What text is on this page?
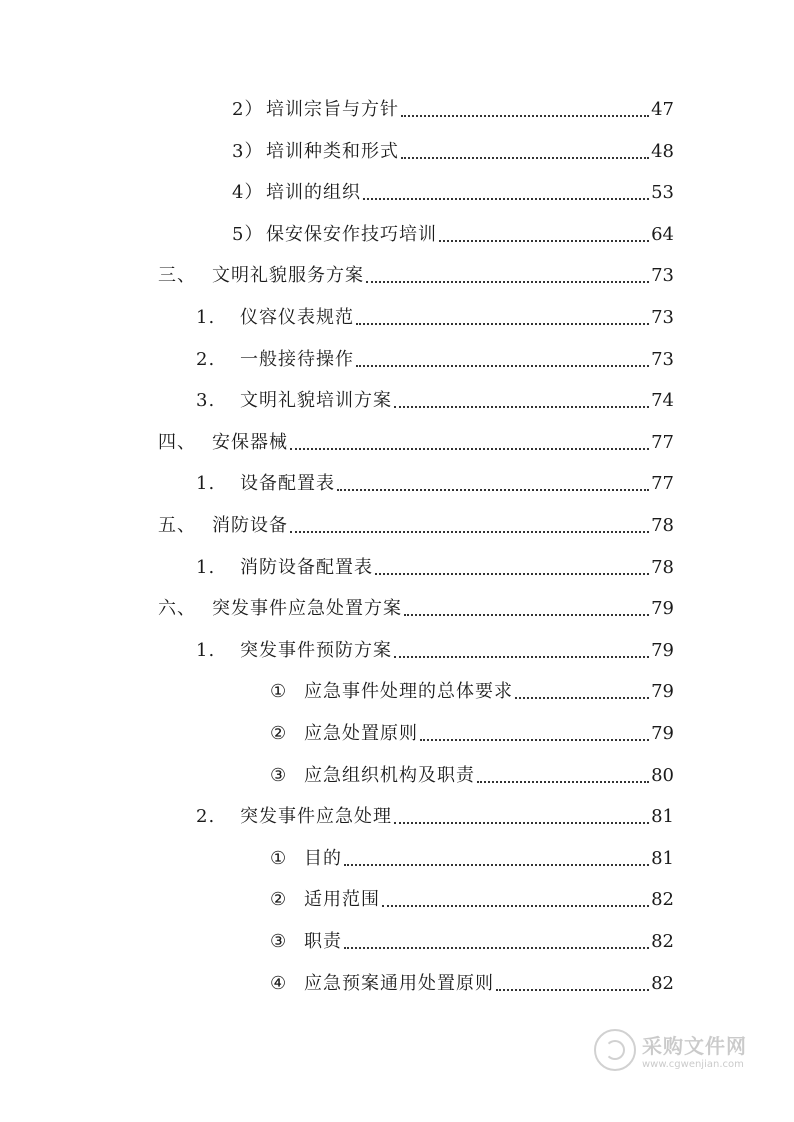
2） 培训宗旨与方针	47
3） 培训种类和形式	48
4） 培训的组织	53
5） 保安保安作技巧培训	64
三、 文明礼貌服务方案	73
1.	仪容仪表规范	73
2.	一般接待操作	73
3.	文明礼貌培训方案	74
四、 安保器械	77
1.	设备配置表	77
五、 消防设备	78
1.	消防设备配置表	78
六、 突发事件应急处置方案	79
1.	突发事件预防方案	79
① 应急事件处理的总体要求	79
② 应急处置原则	79
③ 应急组织机构及职责	80
2.	突发事件应急处理	81
① 目的	81
② 适用范围	82
③ 职责	82
④ 应急预案通用处置原则	82
采购文件网
www.cgwenjian.com
